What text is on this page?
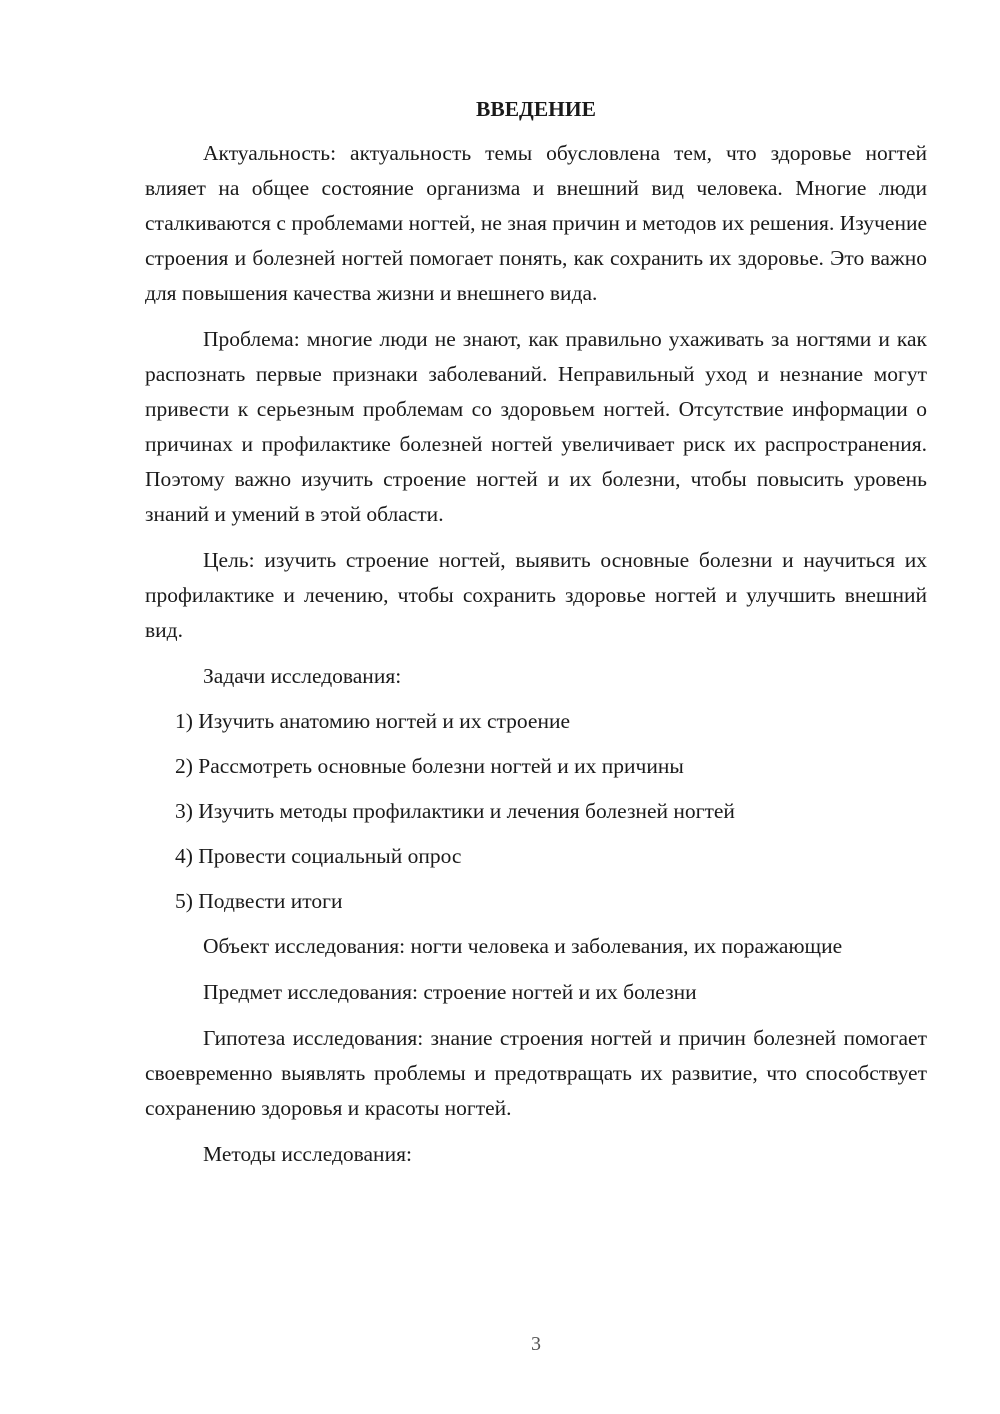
ВВЕДЕНИЕ

Актуальность: актуальность темы обусловлена тем, что здоровье ногтей влияет на общее состояние организма и внешний вид человека. Многие люди сталкиваются с проблемами ногтей, не зная причин и методов их решения. Изучение строения и болезней ногтей помогает понять, как сохранить их здоровье. Это важно для повышения качества жизни и внешнего вида.

Проблема: многие люди не знают, как правильно ухаживать за ногтями и как распознать первые признаки заболеваний. Неправильный уход и незнание могут привести к серьезным проблемам со здоровьем ногтей. Отсутствие информации о причинах и профилактике болезней ногтей увеличивает риск их распространения. Поэтому важно изучить строение ногтей и их болезни, чтобы повысить уровень знаний и умений в этой области.

Цель: изучить строение ногтей, выявить основные болезни и научиться их профилактике и лечению, чтобы сохранить здоровье ногтей и улучшить внешний вид.

Задачи исследования:

1) Изучить анатомию ногтей и их строение
2) Рассмотреть основные болезни ногтей и их причины
3) Изучить методы профилактики и лечения болезней ногтей
4) Провести социальный опрос
5) Подвести итоги

Объект исследования: ногти человека и заболевания, их поражающие

Предмет исследования: строение ногтей и их болезни

Гипотеза исследования: знание строения ногтей и причин болезней помогает своевременно выявлять проблемы и предотвращать их развитие, что способствует сохранению здоровья и красоты ногтей.

Методы исследования:

3
